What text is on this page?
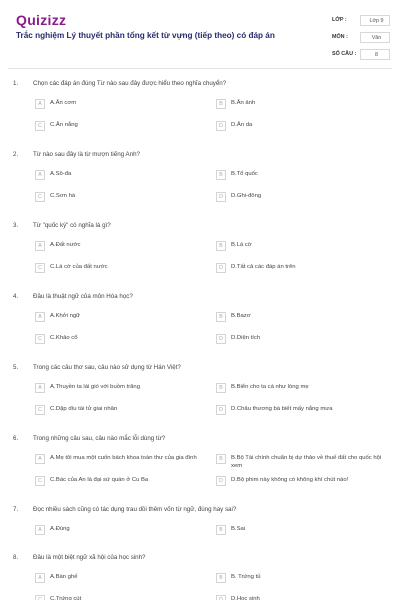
Quizizz
Trắc nghiệm Lý thuyết phần tổng kết từ vựng (tiếp theo) có đáp án
LỚP :	Lớp 9
MÔN :	Văn
SỐ CÂU :	8
1. Chọn các đáp án đúng Từ nào sau đây được hiểu theo nghĩa chuyển?
A	A.Ăn cơm	B	B.Ăn ảnh
C	C.Ăn nắng	D	D.Ăn da
2. Từ nào sau đây là từ mượn tiếng Anh?
A	A.Sô-đa	B	B.Tổ quốc
C	C.Sơn hà	D	D.Ghi-đông
3. Từ "quốc kỳ" có nghĩa là gì?
A	A.Đất nước	B	B.Lá cờ
C	C.Lá cờ của đất nước	D	D.Tất cả các đáp án trên
4. Đâu là thuật ngữ của môn Hóa học?
A	A.Khởi ngữ	B	B.Bazơ
C	C.Khảo cổ	D	D.Diện tích
5. Trong các câu thơ sau, câu nào sử dụng từ Hán Việt?
A	A.Thuyền ta lái gió với buồm trăng	B	B.Biển cho ta cá như lòng mẹ
C	C.Dập dìu tài tử giai nhân	D	D.Châu thương bà biết mấy nắng mưa
6. Trong những câu sau, câu nào mắc lỗi dùng từ?
A	A.Mẹ tôi mua một cuốn bách khoa toàn thư của gia đình	B	B.Bộ Tài chính chuẩn bị dự thảo về thuế đất cho quốc hội xem
C	C.Bác của An là đại sứ quán ở Cu Ba	D	D.Bộ phim này không có không khí chút nào!
7. Đọc nhiều sách cũng có tác dụng trau dồi thêm vốn từ ngữ, đúng hay sai?
A	A.Đúng	B	B.Sai
8. Đâu là một biệt ngữ xã hội của học sinh?
A	A.Bàn ghế	B	B. Trứng tủ
C	C.Trứng cút	D	D.Học sinh
